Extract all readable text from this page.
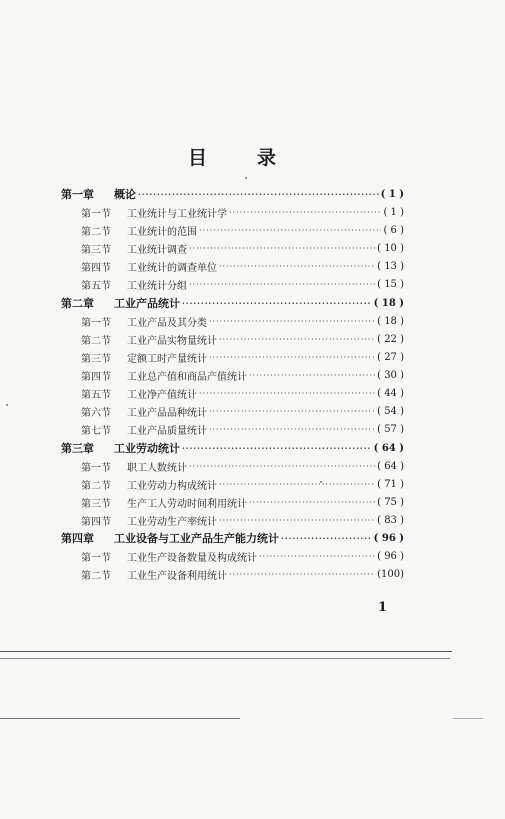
目	录
第一章	概论 ·····	( 1 )
第一节	工业统计与工业统计学 ·····	( 1 )
第二节	工业统计的范围 ·····	( 6 )
第三节	工业统计调查 ·····	( 10 )
第四节	工业统计的调查单位 ·····	( 13 )
第五节	工业统计分组 ·····	( 15 )
第二章	工业产品统计 ·····	( 18 )
第一节	工业产品及其分类 ·····	( 18 )
第二节	工业产品实物量统计 ·····	( 22 )
第三节	定额工时产量统计 ·····	( 27 )
第四节	工业总产值和商品产值统计 ·····	( 30 )
第五节	工业净产值统计 ·····	( 44 )
第六节	工业产品品种统计 ·····	( 54 )
第七节	工业产品质量统计 ·····	( 57 )
第三章	工业劳动统计 ·····	( 64 )
第一节	职工人数统计 ·····	( 64 )
第二节	工业劳动力构成统计 ·····	( 71 )
第三节	生产工人劳动时间利用统计 ·····	( 75 )
第四节	工业劳动生产率统计 ·····	( 83 )
第四章	工业设备与工业产品生产能力统计 ·····	( 96 )
第一节	工业生产设备数量及构成统计 ·····	( 96 )
第二节	工业生产设备利用统计 ·····	(100)
1
